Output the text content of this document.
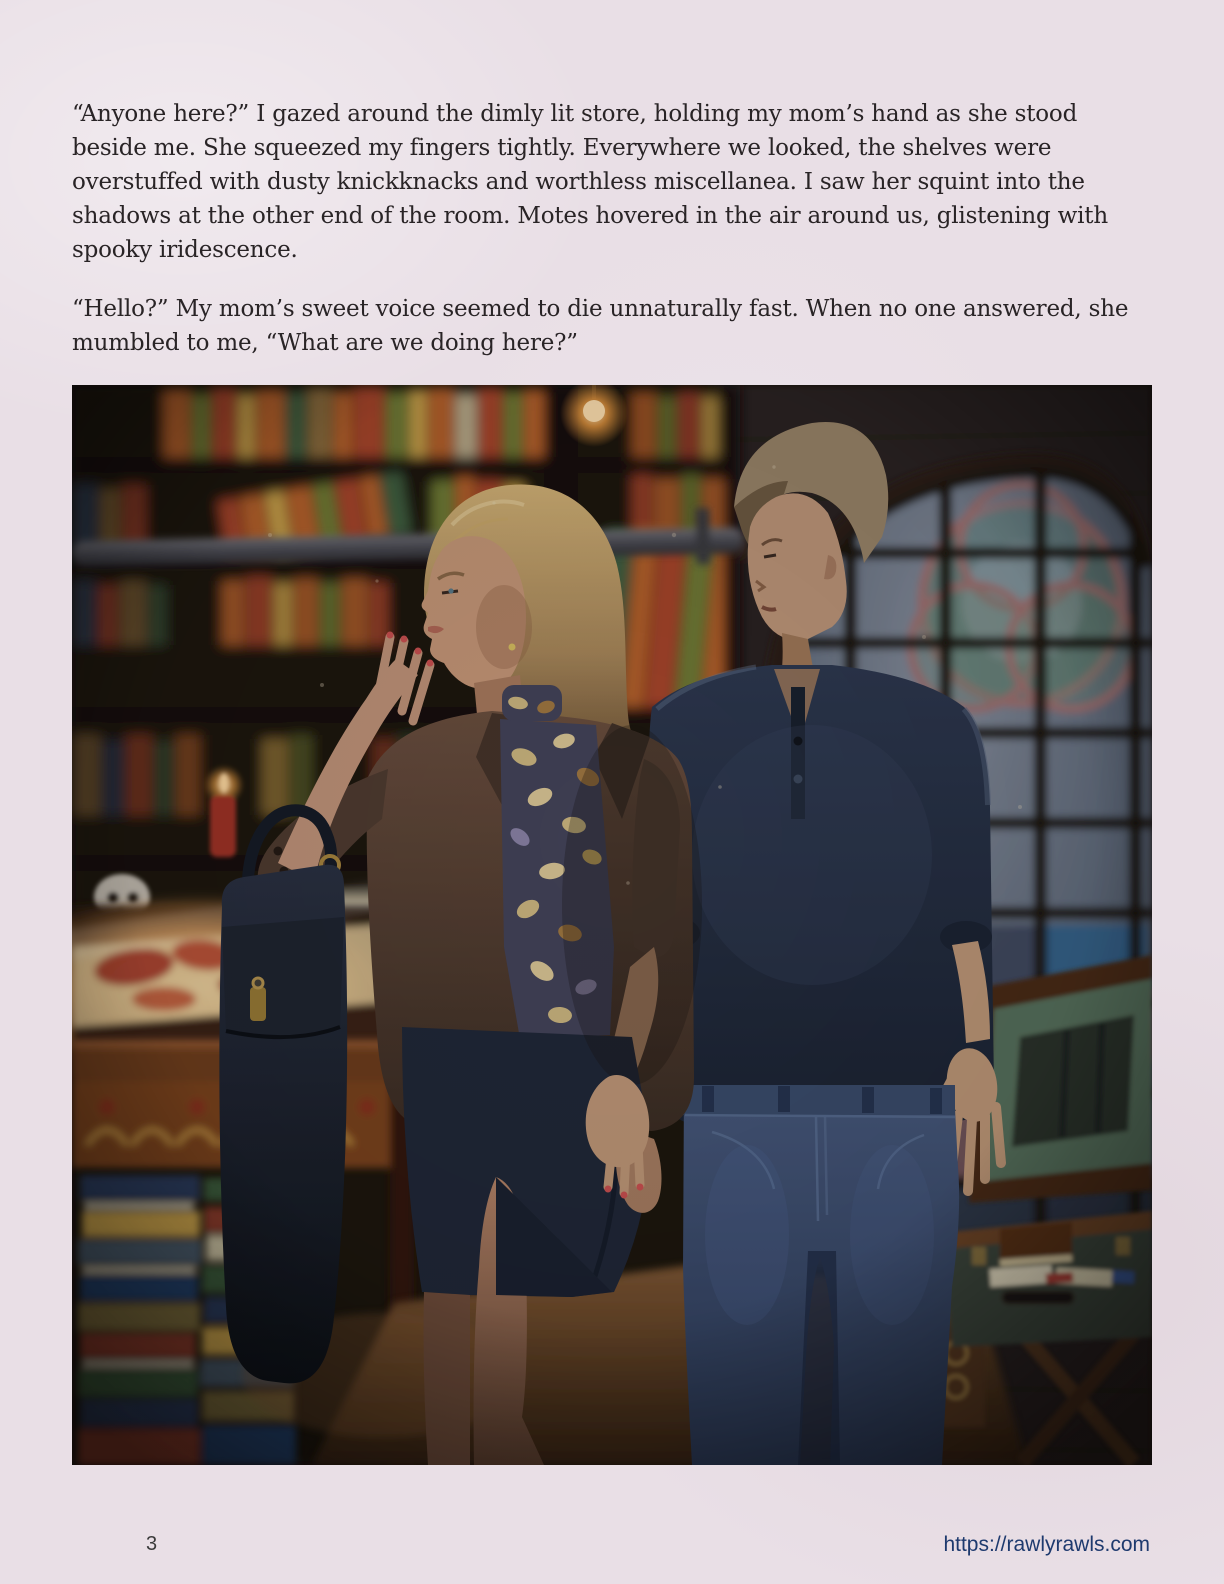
“Anyone here?” I gazed around the dimly lit store, holding my mom’s hand as she stood beside me. She squeezed my fingers tightly. Everywhere we looked, the shelves were overstuffed with dusty knickknacks and worthless miscellanea. I saw her squint into the shadows at the other end of the room. Motes hovered in the air around us, glistening with spooky iridescence.

“Hello?” My mom’s sweet voice seemed to die unnaturally fast. When no one answered, she mumbled to me, “What are we doing here?”

3	https://rawlyrawls.com
